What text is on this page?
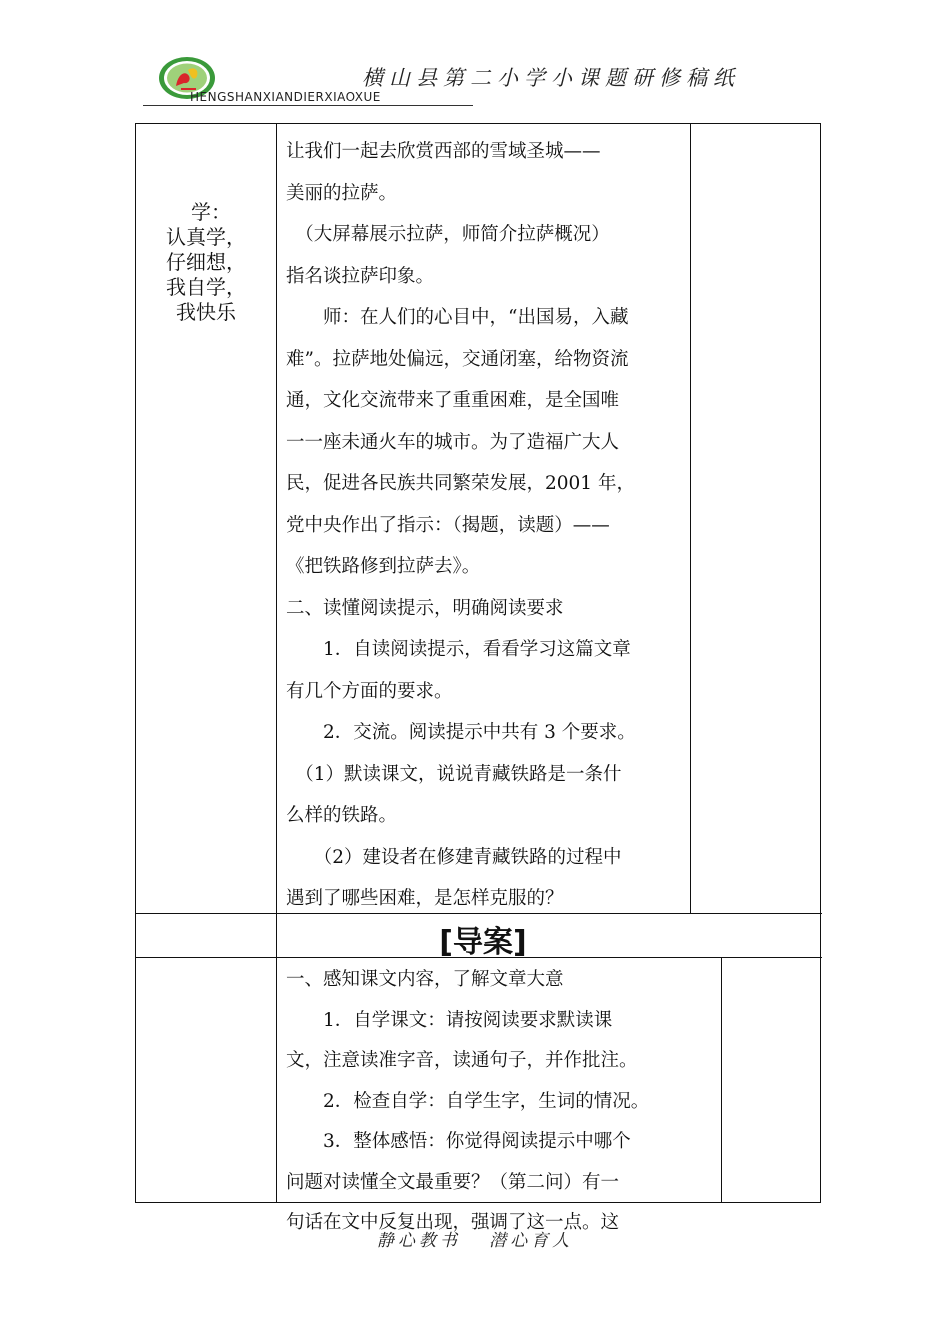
横山县第二小学小课题研修稿纸
HENGSHANXIANDIERXIAOXUE
学：
认真学，
仔细想，
我自学，
我快乐

让我们一起去欣赏西部的雪域圣城——

美丽的拉萨。

　（大屏幕展示拉萨，师简介拉萨概况）

指名谈拉萨印象。

　　师：在人们的心目中，“出国易，入藏

难”。拉萨地处偏远，交通闭塞，给物资流

通，文化交流带来了重重困难，是全国唯

一一座未通火车的城市。为了造福广大人

民，促进各民族共同繁荣发展，2001 年，

党中央作出了指示：（揭题，读题）——

《把铁路修到拉萨去》。

二、读懂阅读提示，明确阅读要求

　　1．自读阅读提示，看看学习这篇文章

有几个方面的要求。

　　2．交流。阅读提示中共有 3 个要求。

　（1）默读课文，说说青藏铁路是一条什

么样的铁路。

　　（2）建设者在修建青藏铁路的过程中

遇到了哪些困难，是怎样克服的？

[导案]

一、感知课文内容，了解文章大意

　　1．自学课文：请按阅读要求默读课

文，注意读准字音，读通句子，并作批注。

　　2．检查自学：自学生字，生词的情况。

　　3．整体感悟：你觉得阅读提示中哪个

问题对读懂全文最重要？（第二问）有一

句话在文中反复出现，强调了这一点。这

静心教书   潜心育人
